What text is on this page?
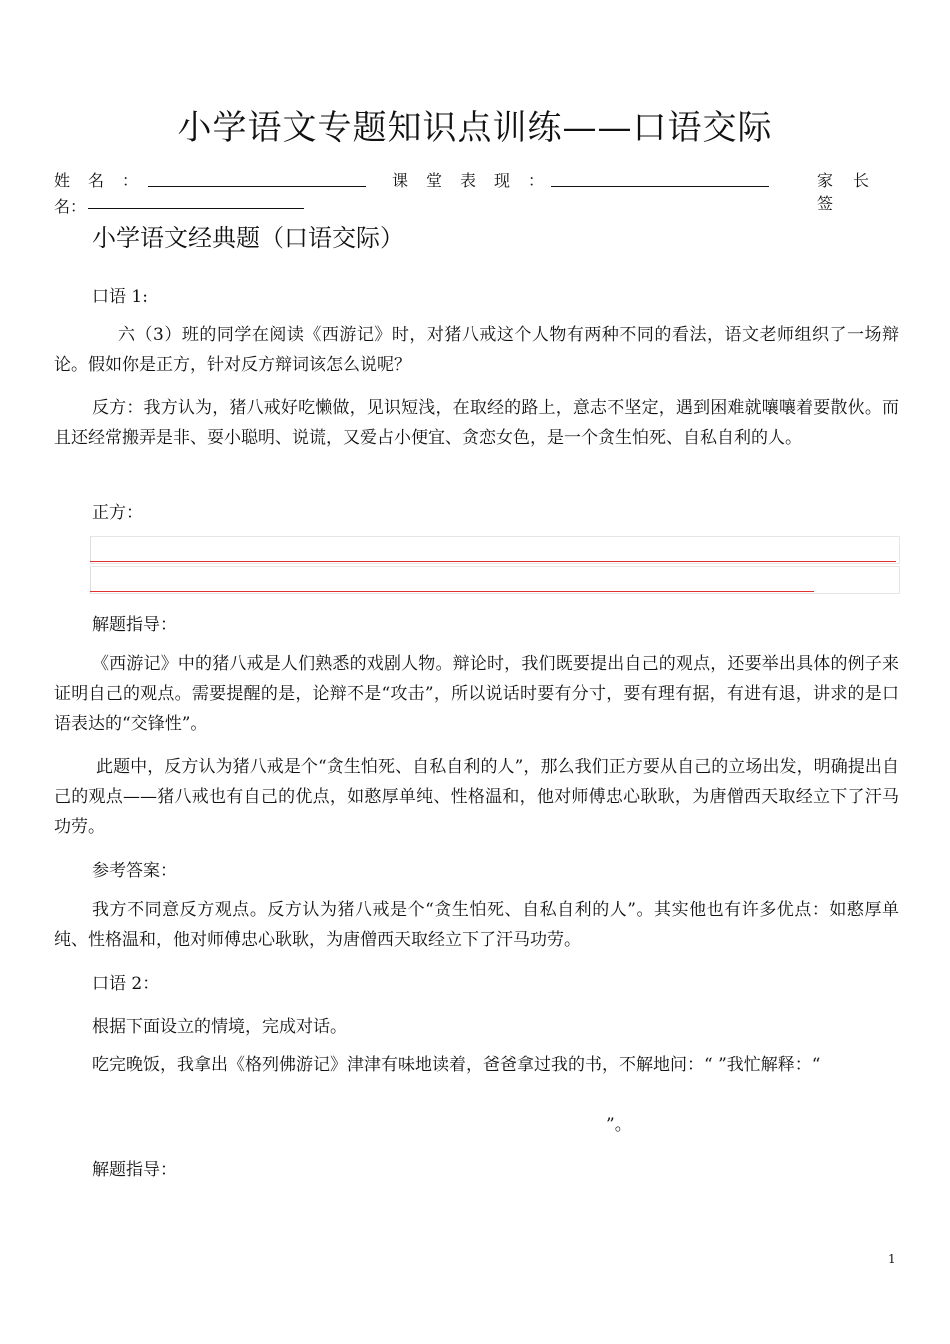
小学语文专题知识点训练——口语交际
姓名：	课堂表现：	家长签
名：
小学语文经典题（口语交际）
口语 1:
六（3）班的同学在阅读《西游记》时，对猪八戒这个人物有两种不同的看法，语文老师组织了一场辩论。假如你是正方，针对反方辩词该怎么说呢？
反方：我方认为，猪八戒好吃懒做，见识短浅，在取经的路上，意志不坚定，遇到困难就嚷嚷着要散伙。而且还经常搬弄是非、耍小聪明、说谎，又爱占小便宜、贪恋女色，是一个贪生怕死、自私自利的人。
正方：
解题指导：
《西游记》中的猪八戒是人们熟悉的戏剧人物。辩论时，我们既要提出自己的观点，还要举出具体的例子来证明自己的观点。需要提醒的是，论辩不是“攻击”，所以说话时要有分寸，要有理有据，有进有退，讲求的是口语表达的“交锋性”。
此题中，反方认为猪八戒是个“贪生怕死、自私自利的人”，那么我们正方要从自己的立场出发，明确提出自己的观点——猪八戒也有自己的优点，如憨厚单纯、性格温和，他对师傅忠心耿耿，为唐僧西天取经立下了汗马功劳。
参考答案：
我方不同意反方观点。反方认为猪八戒是个“贪生怕死、自私自利的人”。其实他也有许多优点：如憨厚单纯、性格温和，他对师傅忠心耿耿，为唐僧西天取经立下了汗马功劳。
口语 2：
根据下面设立的情境，完成对话。
吃完晚饭，我拿出《格列佛游记》津津有味地读着，爸爸拿过我的书，不解地问：“ ”我忙解释：“
”。
解题指导：
1
